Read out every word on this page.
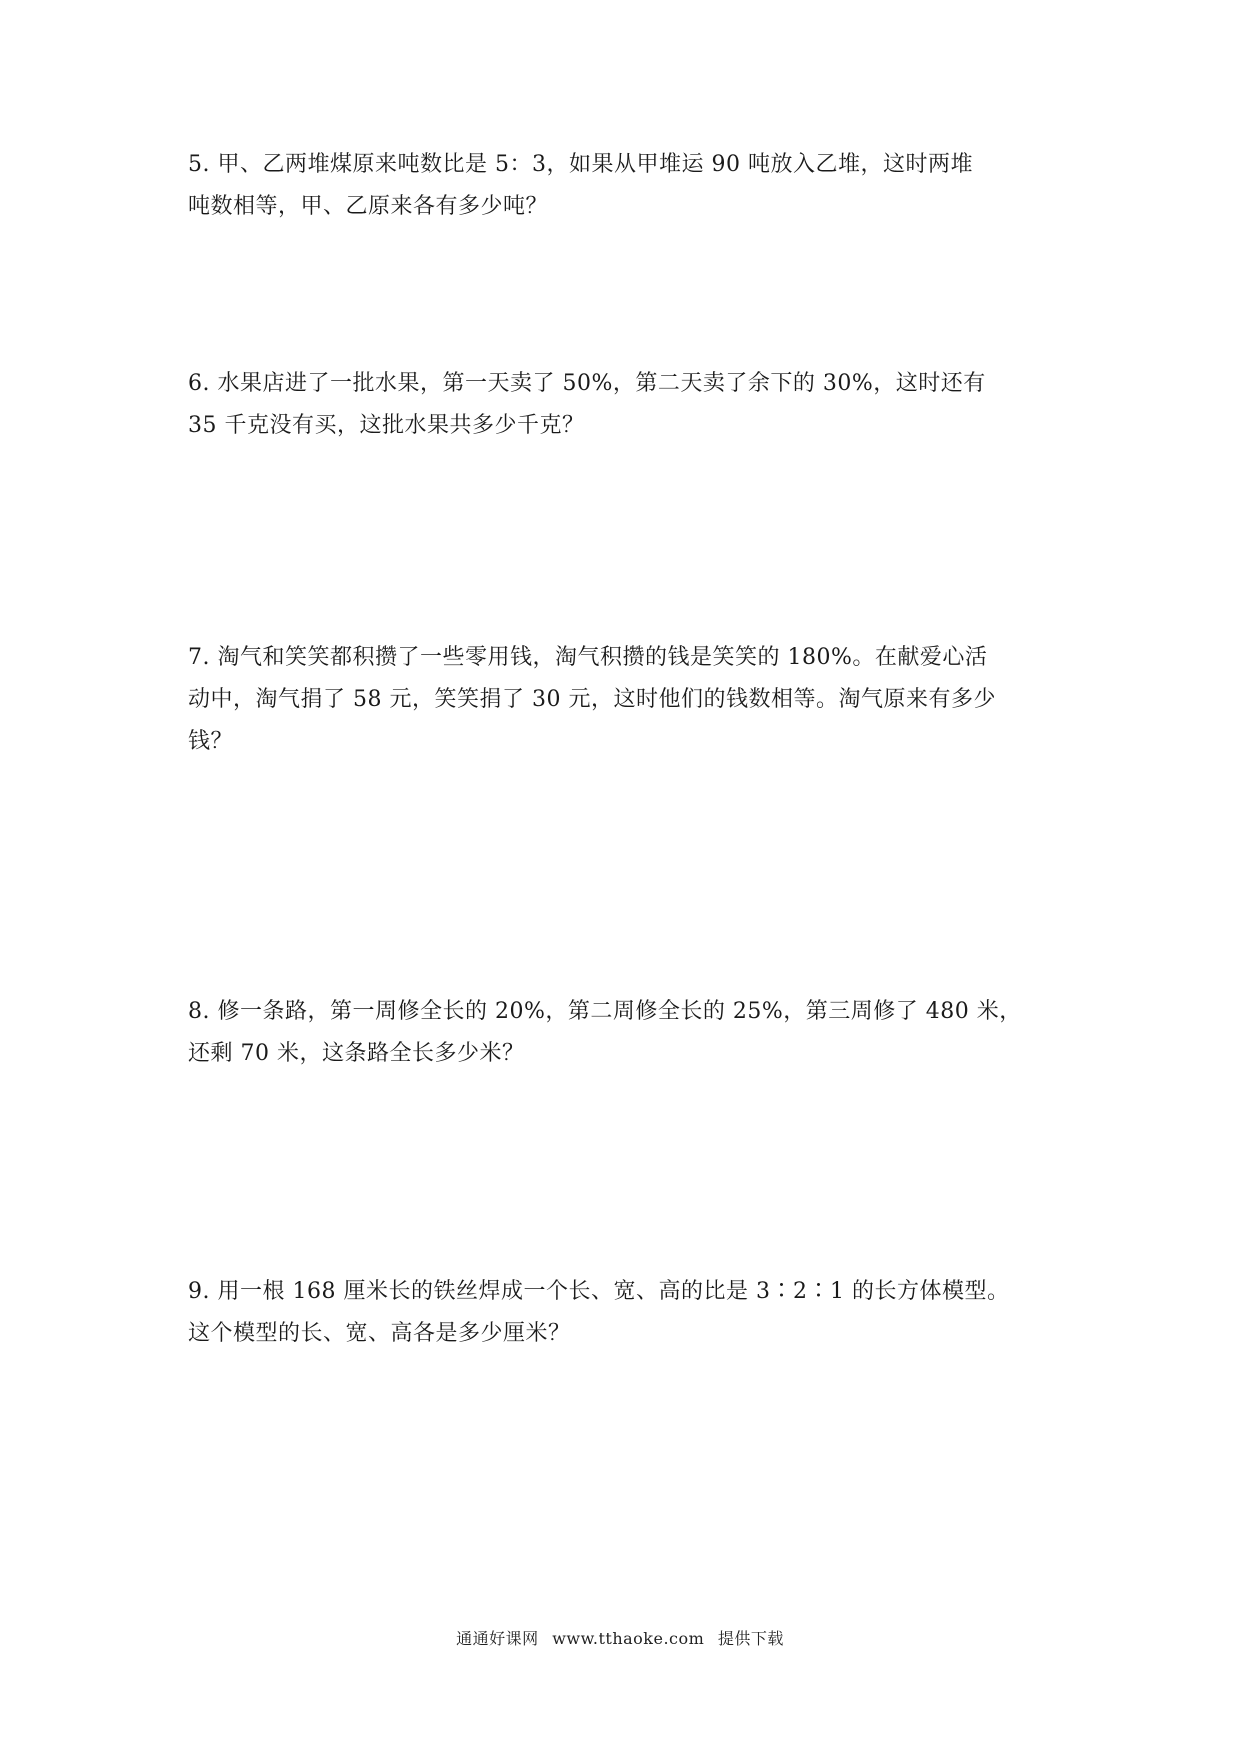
5. 甲、乙两堆煤原来吨数比是 5：3，如果从甲堆运 90 吨放入乙堆，这时两堆
吨数相等，甲、乙原来各有多少吨？
6. 水果店进了一批水果，第一天卖了 50%，第二天卖了余下的 30%，这时还有
35 千克没有买，这批水果共多少千克？
7. 淘气和笑笑都积攒了一些零用钱，淘气积攒的钱是笑笑的 180%。在献爱心活
动中，淘气捐了 58 元，笑笑捐了 30 元，这时他们的钱数相等。淘气原来有多少
钱？
8. 修一条路，第一周修全长的 20%，第二周修全长的 25%，第三周修了 480 米，
还剩 70 米，这条路全长多少米？
9. 用一根 168 厘米长的铁丝焊成一个长、宽、高的比是 3∶2∶1 的长方体模型。
这个模型的长、宽、高各是多少厘米？
通通好课网 www.tthaoke.com 提供下载
